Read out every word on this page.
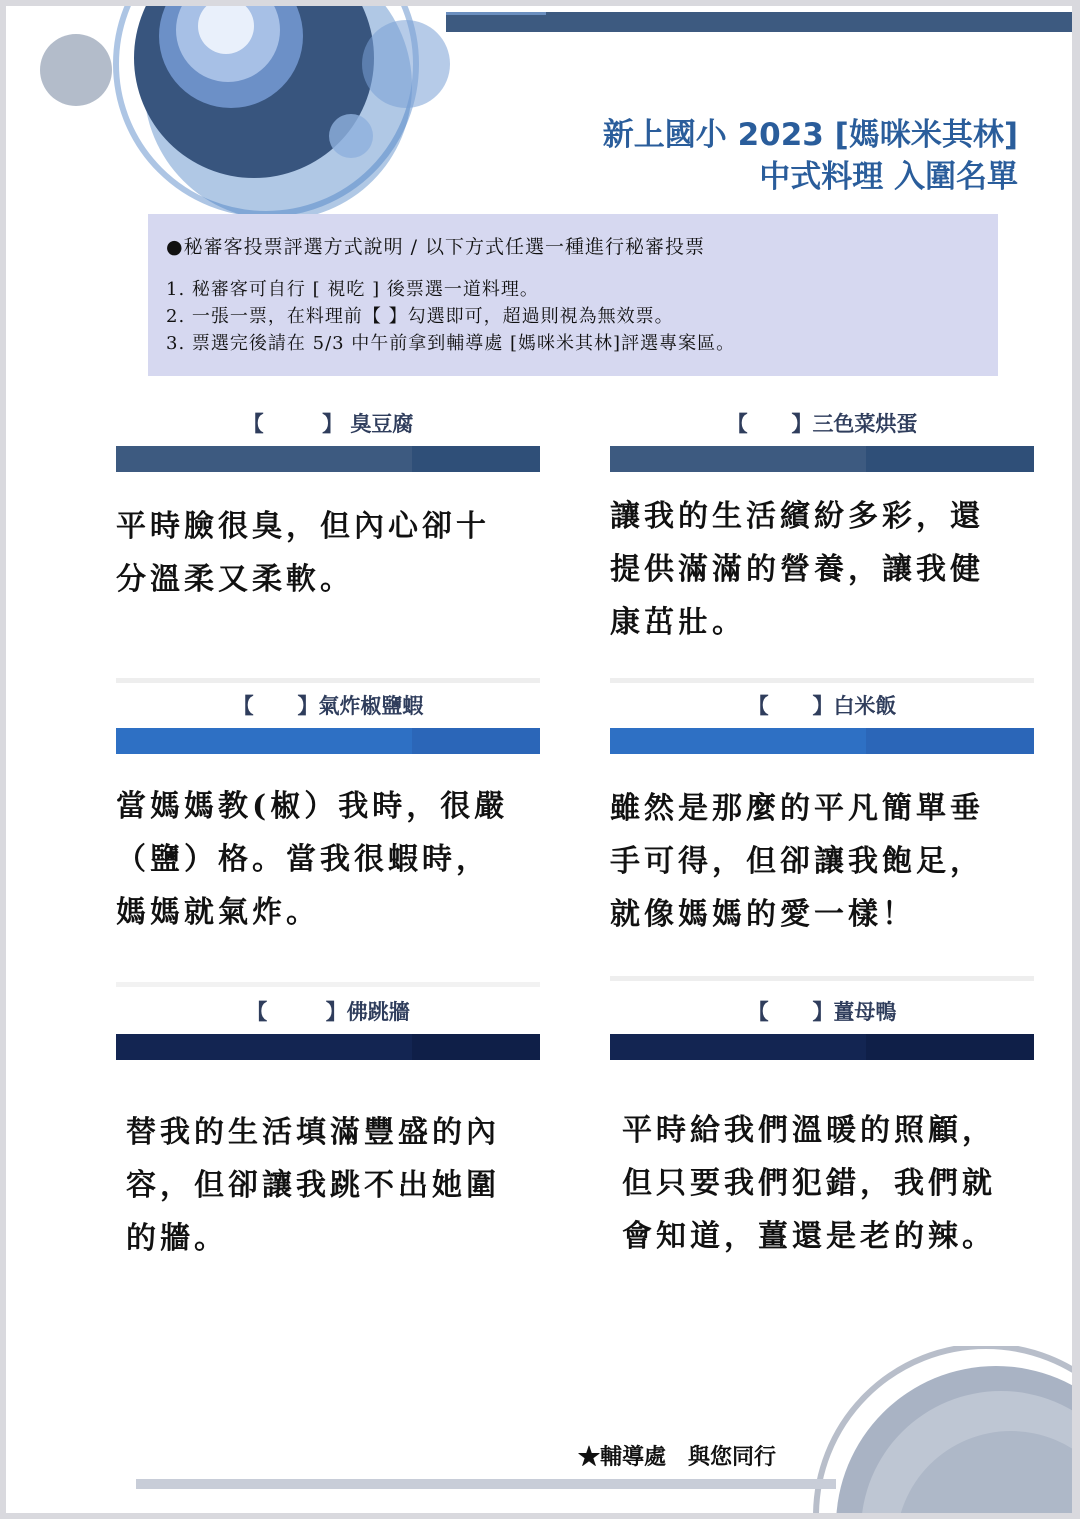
新上國小 2023 [媽咪米其林]
中式料理 入圍名單
●秘審客投票評選方式說明 / 以下方式任選一種進行秘審投票
1. 秘審客可自行 [ 視吃 ] 後票選一道料理。
2. 一張一票，在料理前【 】勾選即可，超過則視為無效票。
3. 票選完後請在 5/3 中午前拿到輔導處 [媽咪米其林]評選專案區。
【	】 臭豆腐
平時臉很臭，但內心卻十分溫柔又柔軟。
【 】三色菜烘蛋
讓我的生活繽紛多彩，還提供滿滿的營養，讓我健康茁壯。
【 】氣炸椒鹽蝦
當媽媽教(椒）我時，很嚴（鹽）格。當我很蝦時，媽媽就氣炸。
【 】白米飯
雖然是那麼的平凡簡單垂手可得，但卻讓我飽足，就像媽媽的愛一樣！
【	】佛跳牆
替我的生活填滿豐盛的內容，但卻讓我跳不出她圍的牆。
【 】薑母鴨
平時給我們溫暖的照顧，但只要我們犯錯，我們就會知道，薑還是老的辣。
★輔導處　與您同行
